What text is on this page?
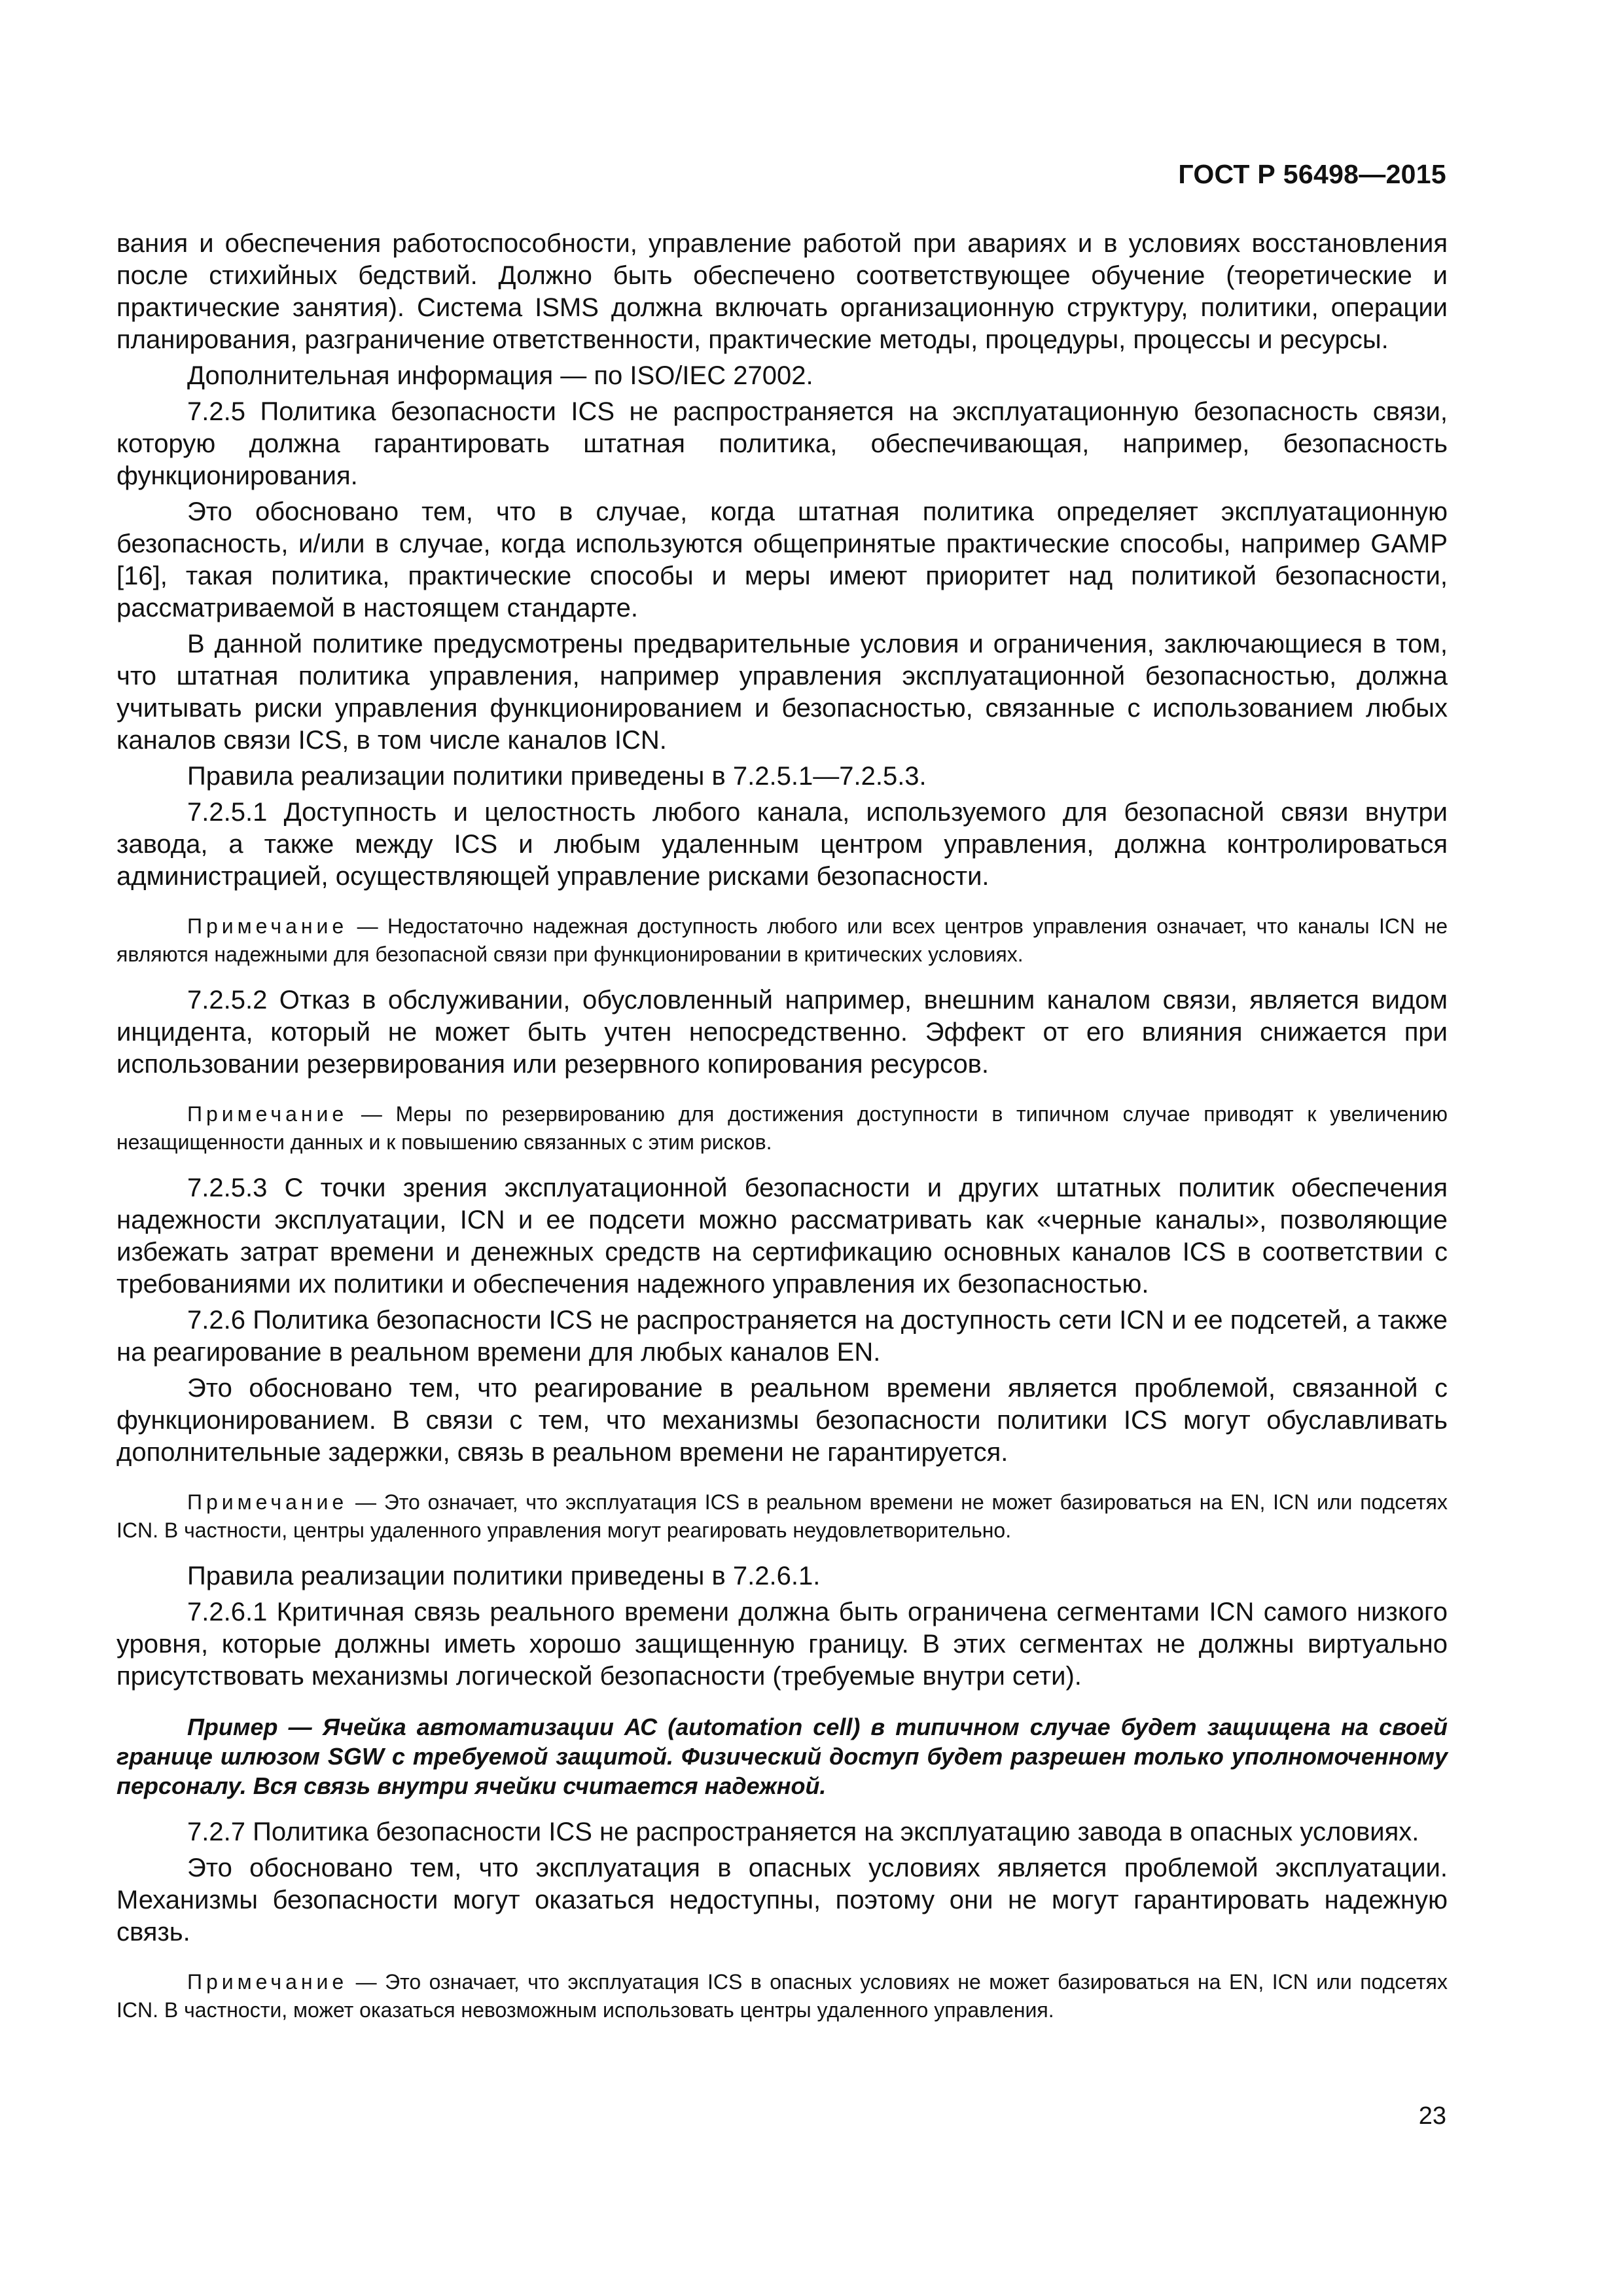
ГОСТ Р 56498—2015

вания и обеспечения работоспособности, управление работой при авариях и в условиях восстановления после стихийных бедствий. Должно быть обеспечено соответствующее обучение (теоретические и практические занятия). Система ISMS должна включать организационную структуру, политики, операции планирования, разграничение ответственности, практические методы, процедуры, процессы и ресурсы.

Дополнительная информация — по ISO/IEC 27002.

7.2.5 Политика безопасности ICS не распространяется на эксплуатационную безопасность связи, которую должна гарантировать штатная политика, обеспечивающая, например, безопасность функционирования.

Это обосновано тем, что в случае, когда штатная политика определяет эксплуатационную безопасность, и/или в случае, когда используются общепринятые практические способы, например GAMP [16], такая политика, практические способы и меры имеют приоритет над политикой безопасности, рассматриваемой в настоящем стандарте.

В данной политике предусмотрены предварительные условия и ограничения, заключающиеся в том, что штатная политика управления, например управления эксплуатационной безопасностью, должна учитывать риски управления функционированием и безопасностью, связанные с использованием любых каналов связи ICS, в том числе каналов ICN.

Правила реализации политики приведены в 7.2.5.1—7.2.5.3.

7.2.5.1 Доступность и целостность любого канала, используемого для безопасной связи внутри завода, а также между ICS и любым удаленным центром управления, должна контролироваться администрацией, осуществляющей управление рисками безопасности.

Примечание — Недостаточно надежная доступность любого или всех центров управления означает, что каналы ICN не являются надежными для безопасной связи при функционировании в критических условиях.

7.2.5.2 Отказ в обслуживании, обусловленный например, внешним каналом связи, является видом инцидента, который не может быть учтен непосредственно. Эффект от его влияния снижается при использовании резервирования или резервного копирования ресурсов.

Примечание — Меры по резервированию для достижения доступности в типичном случае приводят к увеличению незащищенности данных и к повышению связанных с этим рисков.

7.2.5.3 С точки зрения эксплуатационной безопасности и других штатных политик обеспечения надежности эксплуатации, ICN и ее подсети можно рассматривать как «черные каналы», позволяющие избежать затрат времени и денежных средств на сертификацию основных каналов ICS в соответствии с требованиями их политики и обеспечения надежного управления их безопасностью.

7.2.6 Политика безопасности ICS не распространяется на доступность сети ICN и ее подсетей, а также на реагирование в реальном времени для любых каналов EN.

Это обосновано тем, что реагирование в реальном времени является проблемой, связанной с функционированием. В связи с тем, что механизмы безопасности политики ICS могут обуславливать дополнительные задержки, связь в реальном времени не гарантируется.

Примечание — Это означает, что эксплуатация ICS в реальном времени не может базироваться на EN, ICN или подсетях ICN. В частности, центры удаленного управления могут реагировать неудовлетворительно.

Правила реализации политики приведены в 7.2.6.1.

7.2.6.1 Критичная связь реального времени должна быть ограничена сегментами ICN самого низкого уровня, которые должны иметь хорошо защищенную границу. В этих сегментах не должны виртуально присутствовать механизмы логической безопасности (требуемые внутри сети).

Пример — Ячейка автоматизации АС (automation cell) в типичном случае будет защищена на своей границе шлюзом SGW с требуемой защитой. Физический доступ будет разрешен только уполномоченному персоналу. Вся связь внутри ячейки считается надежной.

7.2.7 Политика безопасности ICS не распространяется на эксплуатацию завода в опасных условиях.

Это обосновано тем, что эксплуатация в опасных условиях является проблемой эксплуатации. Механизмы безопасности могут оказаться недоступны, поэтому они не могут гарантировать надежную связь.

Примечание — Это означает, что эксплуатация ICS в опасных условиях не может базироваться на EN, ICN или подсетях ICN. В частности, может оказаться невозможным использовать центры удаленного управления.

23
